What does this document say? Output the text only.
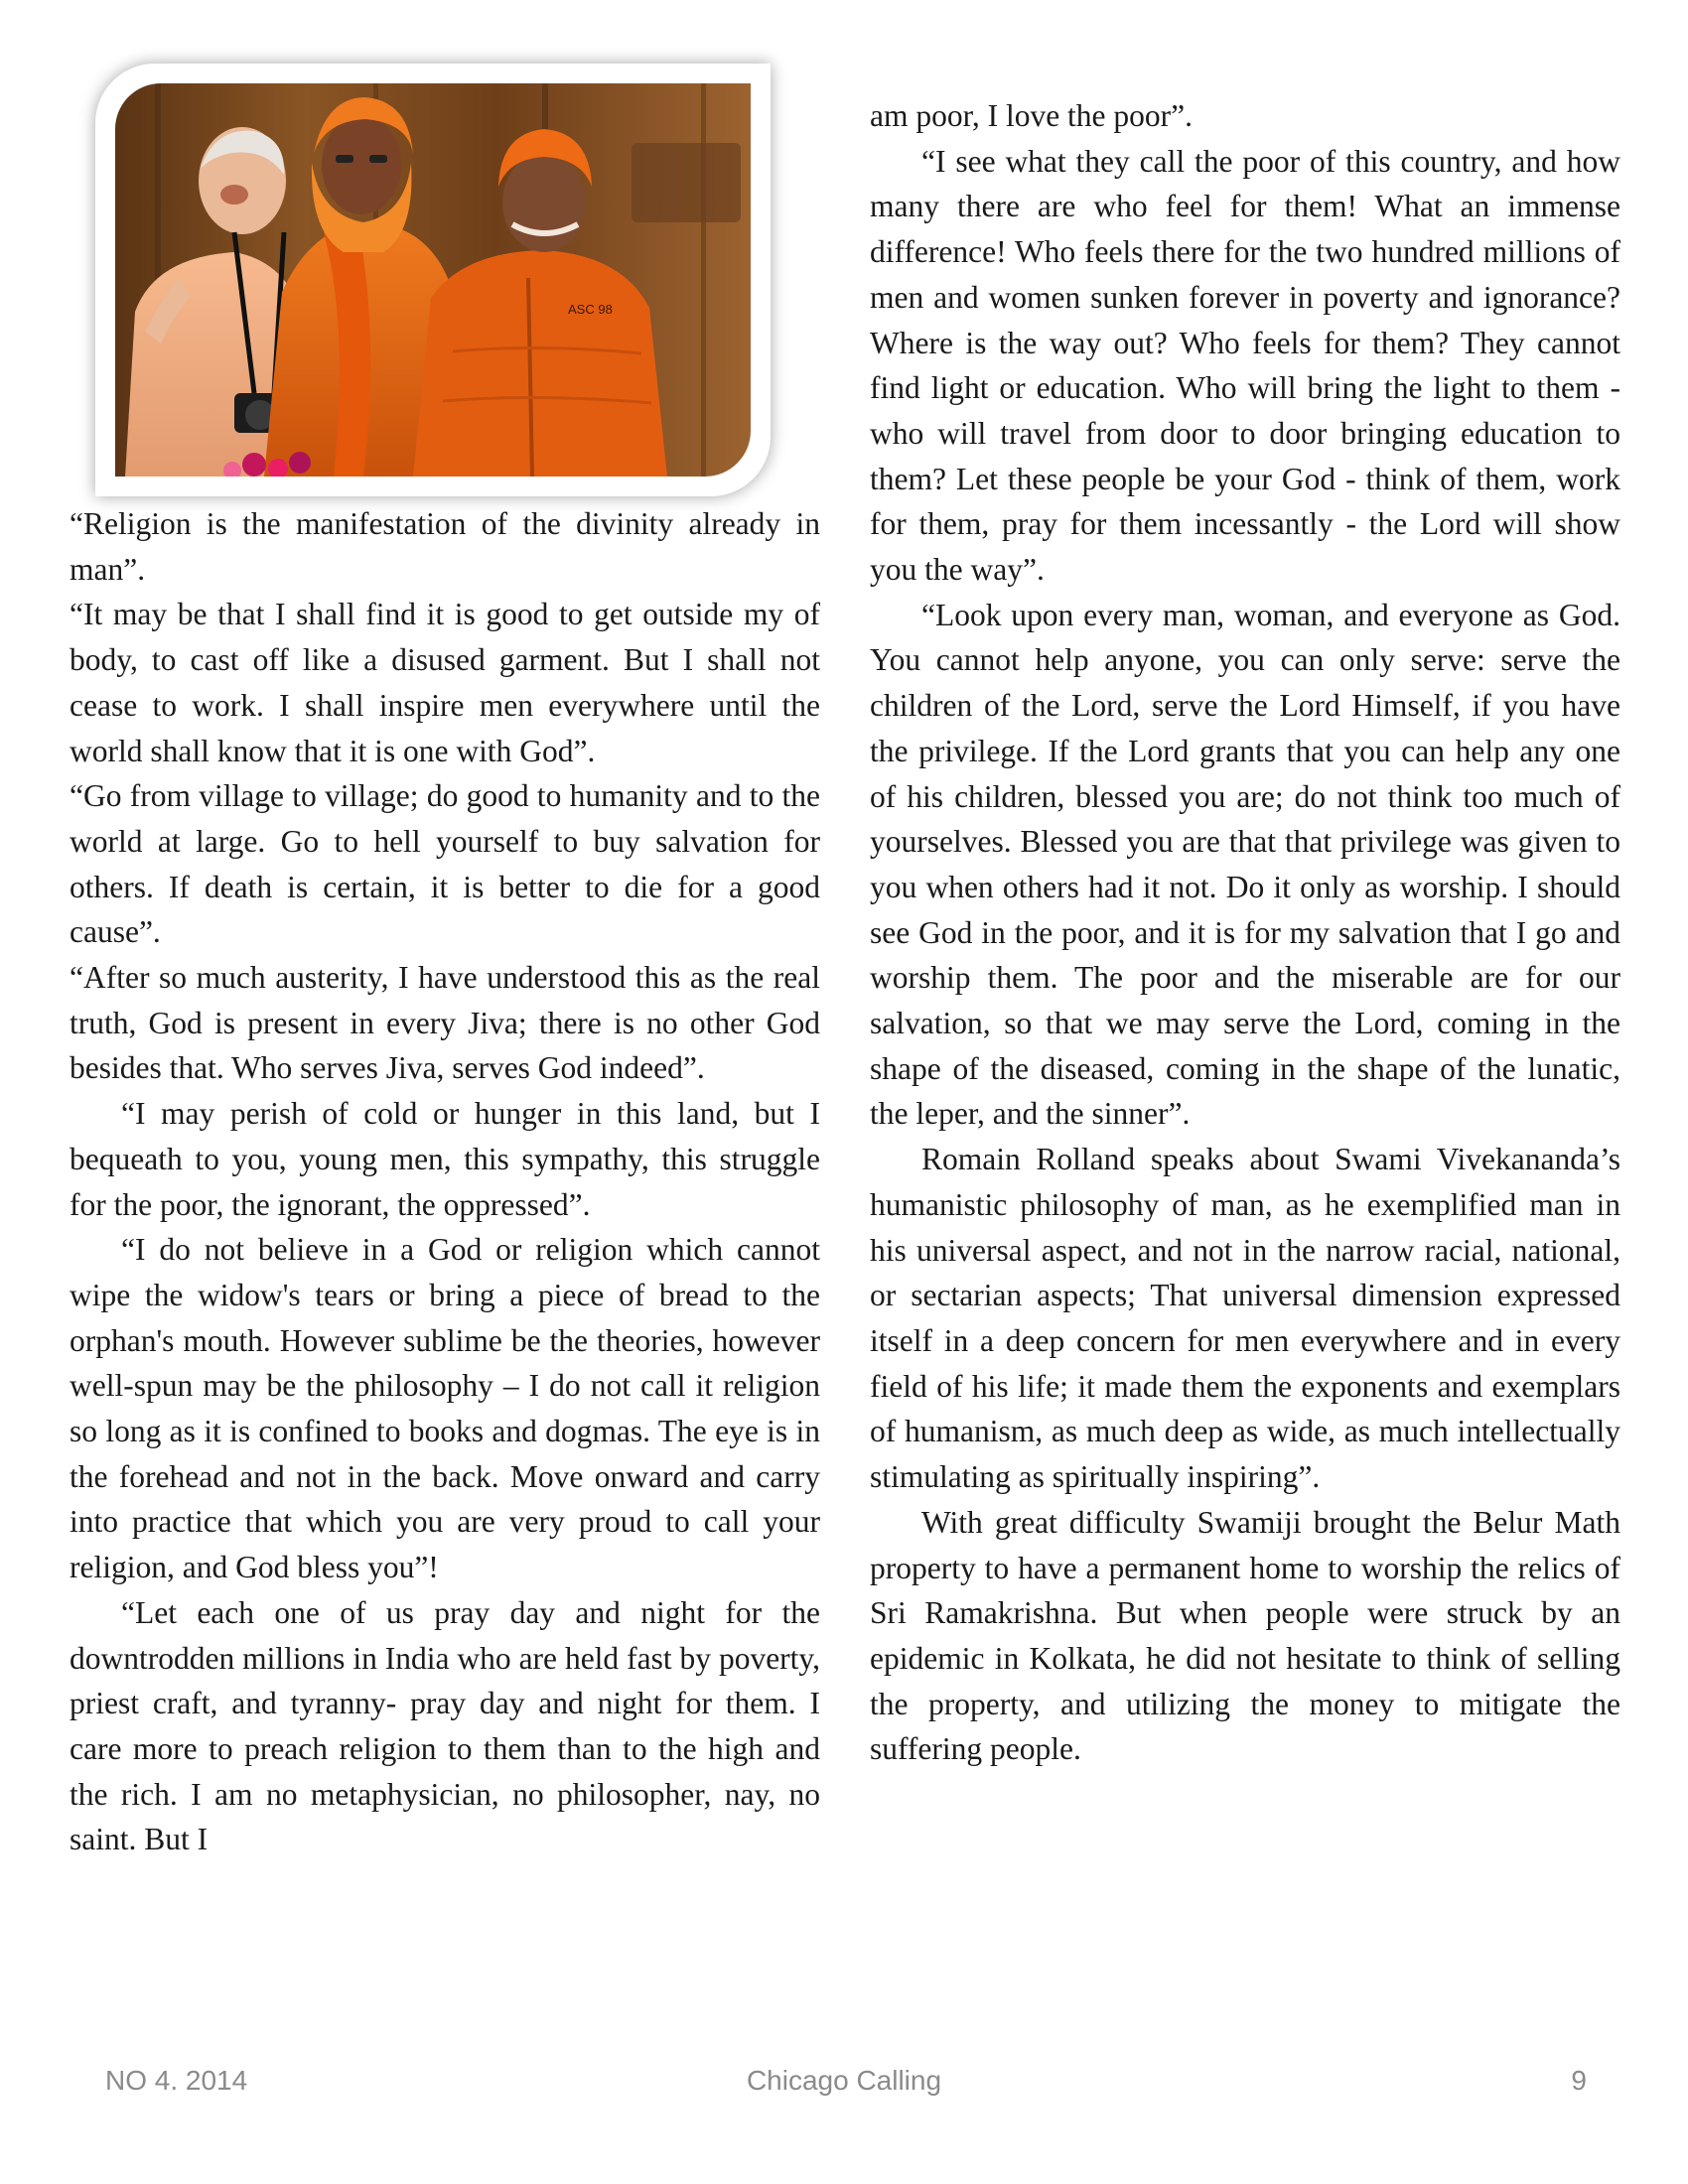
ASC 98

“Religion is the manifestation of the divinity already in man”.

“It may be that I shall find it is good to get outside my of body, to cast off like a disused garment. But I shall not cease to work. I shall inspire men everywhere until the world shall know that it is one with God”.

“Go from village to village; do good to humanity and to the world at large. Go to hell yourself to buy salvation for others. If death is certain, it is better to die for a good cause”.

“After so much austerity, I have understood this as the real truth, God is present in every Jiva; there is no other God besides that. Who serves Jiva, serves God indeed”.

“I may perish of cold or hunger in this land, but I bequeath to you, young men, this sympathy, this struggle for the poor, the ignorant, the oppressed”.

“I do not believe in a God or religion which cannot wipe the widow's tears or bring a piece of bread to the orphan's mouth. However sublime be the theories, however well-spun may be the philosophy – I do not call it religion so long as it is confined to books and dogmas. The eye is in the forehead and not in the back. Move onward and carry into practice that which you are very proud to call your religion, and God bless you”!

“Let each one of us pray day and night for the downtrodden millions in India who are held fast by poverty, priest craft, and tyranny- pray day and night for them. I care more to preach religion to them than to the high and the rich. I am no metaphysician, no philosopher, nay, no saint. But I

am poor, I love the poor”.

“I see what they call the poor of this country, and how many there are who feel for them! What an immense difference! Who feels there for the two hundred millions of men and women sunken forever in poverty and ignorance? Where is the way out? Who feels for them? They cannot find light or education. Who will bring the light to them - who will travel from door to door bringing education to them? Let these people be your God - think of them, work for them, pray for them incessantly - the Lord will show you the way”.

“Look upon every man, woman, and everyone as God. You cannot help anyone, you can only serve: serve the children of the Lord, serve the Lord Himself, if you have the privilege. If the Lord grants that you can help any one of his children, blessed you are; do not think too much of yourselves. Blessed you are that that privilege was given to you when others had it not. Do it only as worship. I should see God in the poor, and it is for my salvation that I go and worship them. The poor and the miserable are for our salvation, so that we may serve the Lord, coming in the shape of the diseased, coming in the shape of the lunatic, the leper, and the sinner”.

Romain Rolland speaks about Swami Vivekananda’s humanistic philosophy of man, as he exemplified man in his universal aspect, and not in the narrow racial, national, or sectarian aspects; That universal dimension expressed itself in a deep concern for men everywhere and in every field of his life; it made them the exponents and exemplars of humanism, as much deep as wide, as much intellectually stimulating as spiritually inspiring”.

With great difficulty Swamiji brought the Belur Math property to have a permanent home to worship the relics of Sri Ramakrishna. But when people were struck by an epidemic in Kolkata, he did not hesitate to think of selling the property, and utilizing the money to mitigate the suffering people.

Chicago Calling
NO 4. 2014	9
